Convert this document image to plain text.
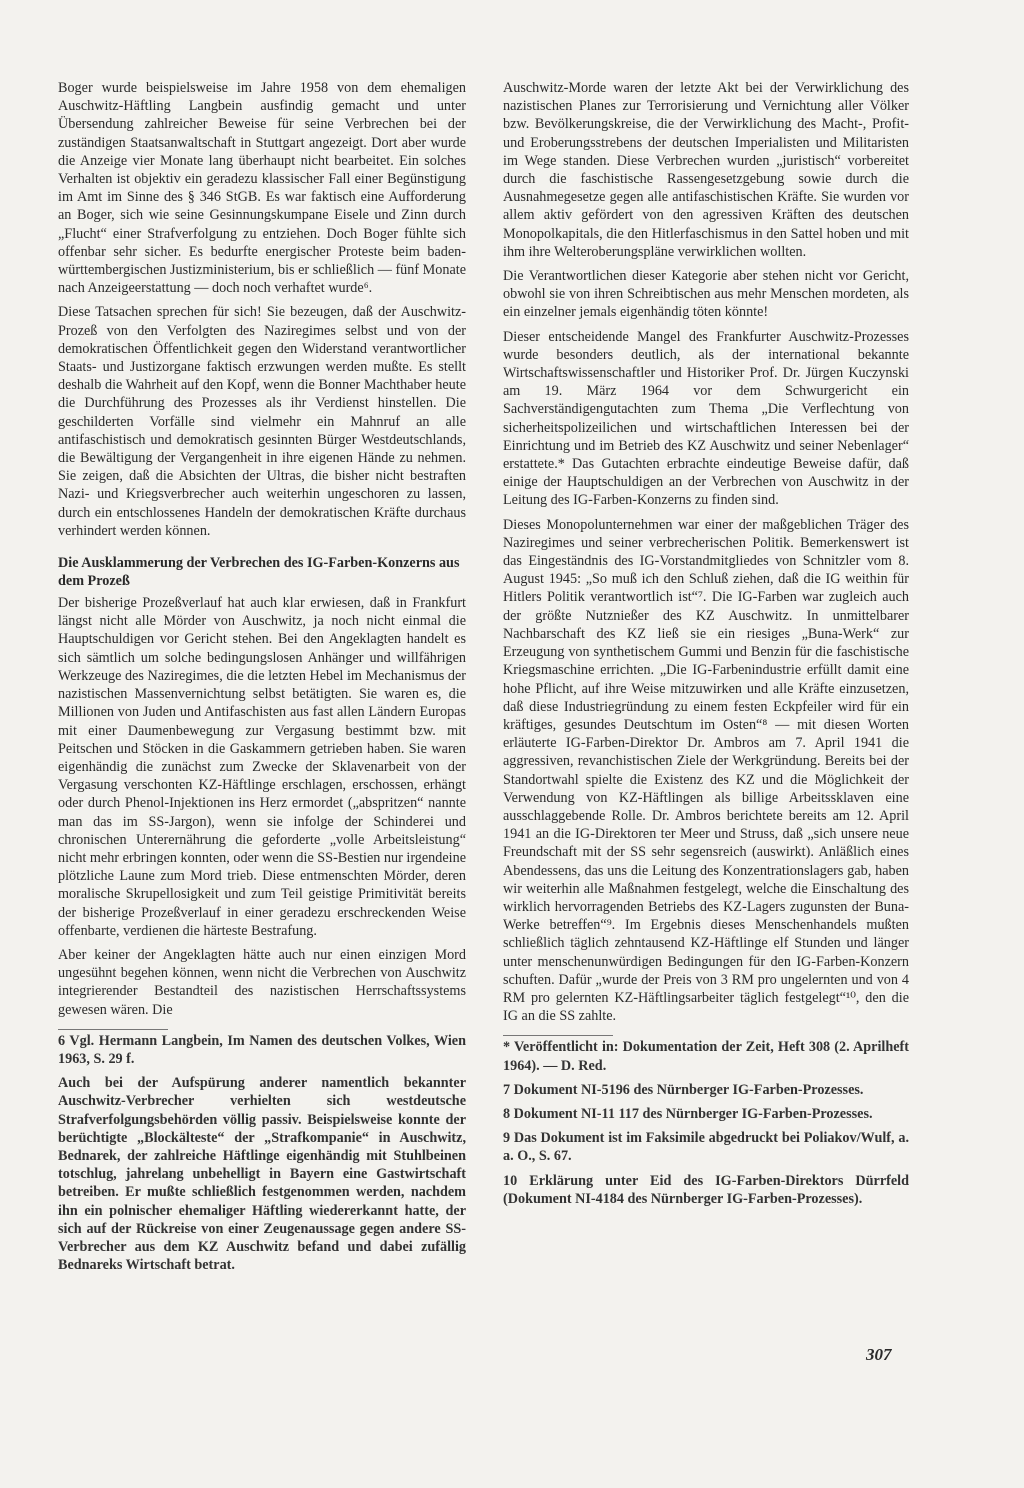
Boger wurde beispielsweise im Jahre 1958 von dem ehemaligen Auschwitz-Häftling Langbein ausfindig gemacht und unter Übersendung zahlreicher Beweise für seine Verbrechen bei der zuständigen Staatsanwaltschaft in Stuttgart angezeigt. Dort aber wurde die Anzeige vier Monate lang überhaupt nicht bearbeitet. Ein solches Verhalten ist objektiv ein geradezu klassischer Fall einer Begünstigung im Amt im Sinne des § 346 StGB. Es war faktisch eine Aufforderung an Boger, sich wie seine Gesinnungskumpane Eisele und Zinn durch „Flucht“ einer Strafverfolgung zu entziehen. Doch Boger fühlte sich offenbar sehr sicher. Es bedurfte energischer Proteste beim baden-württembergischen Justizministerium, bis er schließlich — fünf Monate nach Anzeigeerstattung — doch noch verhaftet wurde⁶.

Diese Tatsachen sprechen für sich! Sie bezeugen, daß der Auschwitz-Prozeß von den Verfolgten des Naziregimes selbst und von der demokratischen Öffentlichkeit gegen den Widerstand verantwortlicher Staats- und Justizorgane faktisch erzwungen werden mußte. Es stellt deshalb die Wahrheit auf den Kopf, wenn die Bonner Machthaber heute die Durchführung des Prozesses als ihr Verdienst hinstellen. Die geschilderten Vorfälle sind vielmehr ein Mahnruf an alle antifaschistisch und demokratisch gesinnten Bürger Westdeutschlands, die Bewältigung der Vergangenheit in ihre eigenen Hände zu nehmen. Sie zeigen, daß die Absichten der Ultras, die bisher nicht bestraften Nazi- und Kriegsverbrecher auch weiterhin ungeschoren zu lassen, durch ein entschlossenes Handeln der demokratischen Kräfte durchaus verhindert werden können.

Die Ausklammerung der Verbrechen des IG-Farben-Konzerns aus dem Prozeß

Der bisherige Prozeßverlauf hat auch klar erwiesen, daß in Frankfurt längst nicht alle Mörder von Auschwitz, ja noch nicht einmal die Hauptschuldigen vor Gericht stehen. Bei den Angeklagten handelt es sich sämtlich um solche bedingungslosen Anhänger und willfährigen Werkzeuge des Naziregimes, die die letzten Hebel im Mechanismus der nazistischen Massenvernichtung selbst betätigten. Sie waren es, die Millionen von Juden und Antifaschisten aus fast allen Ländern Europas mit einer Daumenbewegung zur Vergasung bestimmt bzw. mit Peitschen und Stöcken in die Gaskammern getrieben haben. Sie waren eigenhändig die zunächst zum Zwecke der Sklavenarbeit von der Vergasung verschonten KZ-Häftlinge erschlagen, erschossen, erhängt oder durch Phenol-Injektionen ins Herz ermordet („abspritzen“ nannte man das im SS-Jargon), wenn sie infolge der Schinderei und chronischen Unterernährung die geforderte „volle Arbeitsleistung“ nicht mehr erbringen konnten, oder wenn die SS-Bestien nur irgendeine plötzliche Laune zum Mord trieb. Diese entmenschten Mörder, deren moralische Skrupellosigkeit und zum Teil geistige Primitivität bereits der bisherige Prozeßverlauf in einer geradezu erschreckenden Weise offenbarte, verdienen die härteste Bestrafung.

Aber keiner der Angeklagten hätte auch nur einen einzigen Mord ungesühnt begehen können, wenn nicht die Verbrechen von Auschwitz integrierender Bestandteil des nazistischen Herrschaftssystems gewesen wären. Die

6 Vgl. Hermann Langbein, Im Namen des deutschen Volkes, Wien 1963, S. 29 f.

Auch bei der Aufspürung anderer namentlich bekannter Auschwitz-Verbrecher verhielten sich westdeutsche Strafverfolgungsbehörden völlig passiv. Beispielsweise konnte der berüchtigte „Blockälteste“ der „Strafkompanie“ in Auschwitz, Bednarek, der zahlreiche Häftlinge eigenhändig mit Stuhlbeinen totschlug, jahrelang unbehelligt in Bayern eine Gastwirtschaft betreiben. Er mußte schließlich festgenommen werden, nachdem ihn ein polnischer ehemaliger Häftling wiedererkannt hatte, der sich auf der Rückreise von einer Zeugenaussage gegen andere SS-Verbrecher aus dem KZ Auschwitz befand und dabei zufällig Bednareks Wirtschaft betrat.

Auschwitz-Morde waren der letzte Akt bei der Verwirklichung des nazistischen Planes zur Terrorisierung und Vernichtung aller Völker bzw. Bevölkerungskreise, die der Verwirklichung des Macht-, Profit- und Eroberungsstrebens der deutschen Imperialisten und Militaristen im Wege standen. Diese Verbrechen wurden „juristisch“ vorbereitet durch die faschistische Rassengesetzgebung sowie durch die Ausnahmegesetze gegen alle antifaschistischen Kräfte. Sie wurden vor allem aktiv gefördert von den agressiven Kräften des deutschen Monopolkapitals, die den Hitlerfaschismus in den Sattel hoben und mit ihm ihre Welteroberungspläne verwirklichen wollten.

Die Verantwortlichen dieser Kategorie aber stehen nicht vor Gericht, obwohl sie von ihren Schreibtischen aus mehr Menschen mordeten, als ein einzelner jemals eigenhändig töten könnte!

Dieser entscheidende Mangel des Frankfurter Auschwitz-Prozesses wurde besonders deutlich, als der international bekannte Wirtschaftswissenschaftler und Historiker Prof. Dr. Jürgen Kuczynski am 19. März 1964 vor dem Schwurgericht ein Sachverständigengutachten zum Thema „Die Verflechtung von sicherheitspolizeilichen und wirtschaftlichen Interessen bei der Einrichtung und im Betrieb des KZ Auschwitz und seiner Nebenlager“ erstattete.* Das Gutachten erbrachte eindeutige Beweise dafür, daß einige der Hauptschuldigen an der Verbrechen von Auschwitz in der Leitung des IG-Farben-Konzerns zu finden sind.

Dieses Monopolunternehmen war einer der maßgeblichen Träger des Naziregimes und seiner verbrecherischen Politik. Bemerkenswert ist das Eingeständnis des IG-Vorstandmitgliedes von Schnitzler vom 8. August 1945: „So muß ich den Schluß ziehen, daß die IG weithin für Hitlers Politik verantwortlich ist“⁷. Die IG-Farben war zugleich auch der größte Nutznießer des KZ Auschwitz. In unmittelbarer Nachbarschaft des KZ ließ sie ein riesiges „Buna-Werk“ zur Erzeugung von synthetischem Gummi und Benzin für die faschistische Kriegsmaschine errichten. „Die IG-Farbenindustrie erfüllt damit eine hohe Pflicht, auf ihre Weise mitzuwirken und alle Kräfte einzusetzen, daß diese Industriegründung zu einem festen Eckpfeiler wird für ein kräftiges, gesundes Deutschtum im Osten“⁸ — mit diesen Worten erläuterte IG-Farben-Direktor Dr. Ambros am 7. April 1941 die aggressiven, revanchistischen Ziele der Werkgründung. Bereits bei der Standortwahl spielte die Existenz des KZ und die Möglichkeit der Verwendung von KZ-Häftlingen als billige Arbeitssklaven eine ausschlaggebende Rolle. Dr. Ambros berichtete bereits am 12. April 1941 an die IG-Direktoren ter Meer und Struss, daß „sich unsere neue Freundschaft mit der SS sehr segensreich (auswirkt). Anläßlich eines Abendessens, das uns die Leitung des Konzentrationslagers gab, haben wir weiterhin alle Maßnahmen festgelegt, welche die Einschaltung des wirklich hervorragenden Betriebs des KZ-Lagers zugunsten der Buna-Werke betreffen“⁹. Im Ergebnis dieses Menschenhandels mußten schließlich täglich zehntausend KZ-Häftlinge elf Stunden und länger unter menschenunwürdigen Bedingungen für den IG-Farben-Konzern schuften. Dafür „wurde der Preis von 3 RM pro ungelernten und von 4 RM pro gelernten KZ-Häftlingsarbeiter täglich festgelegt“¹⁰, den die IG an die SS zahlte.

* Veröffentlicht in: Dokumentation der Zeit, Heft 308 (2. Aprilheft 1964). — D. Red.

7 Dokument NI-5196 des Nürnberger IG-Farben-Prozesses.

8 Dokument NI-11 117 des Nürnberger IG-Farben-Prozesses.

9 Das Dokument ist im Faksimile abgedruckt bei Poliakov/Wulf, a. a. O., S. 67.

10 Erklärung unter Eid des IG-Farben-Direktors Dürrfeld (Dokument NI-4184 des Nürnberger IG-Farben-Prozesses).

307
